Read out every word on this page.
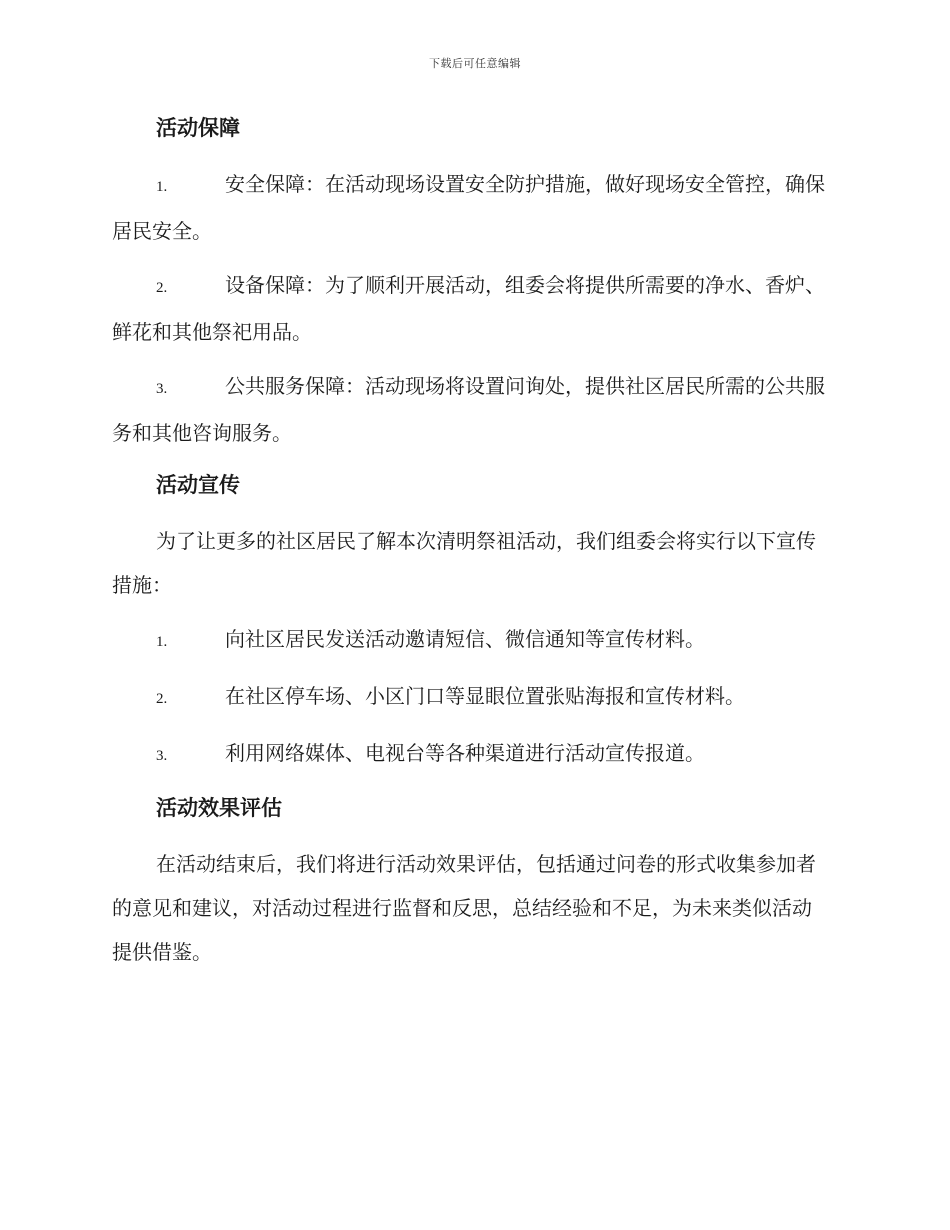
下载后可任意编辑
活动保障
1.	安全保障：在活动现场设置安全防护措施，做好现场安全管控，确保居民安全。
2.	设备保障：为了顺利开展活动，组委会将提供所需要的净水、香炉、鲜花和其他祭祀用品。
3.	公共服务保障：活动现场将设置问询处，提供社区居民所需的公共服务和其他咨询服务。
活动宣传
为了让更多的社区居民了解本次清明祭祖活动，我们组委会将实行以下宣传措施：
1.	向社区居民发送活动邀请短信、微信通知等宣传材料。
2.	在社区停车场、小区门口等显眼位置张贴海报和宣传材料。
3.	利用网络媒体、电视台等各种渠道进行活动宣传报道。
活动效果评估
在活动结束后，我们将进行活动效果评估，包括通过问卷的形式收集参加者的意见和建议，对活动过程进行监督和反思，总结经验和不足，为未来类似活动提供借鉴。
